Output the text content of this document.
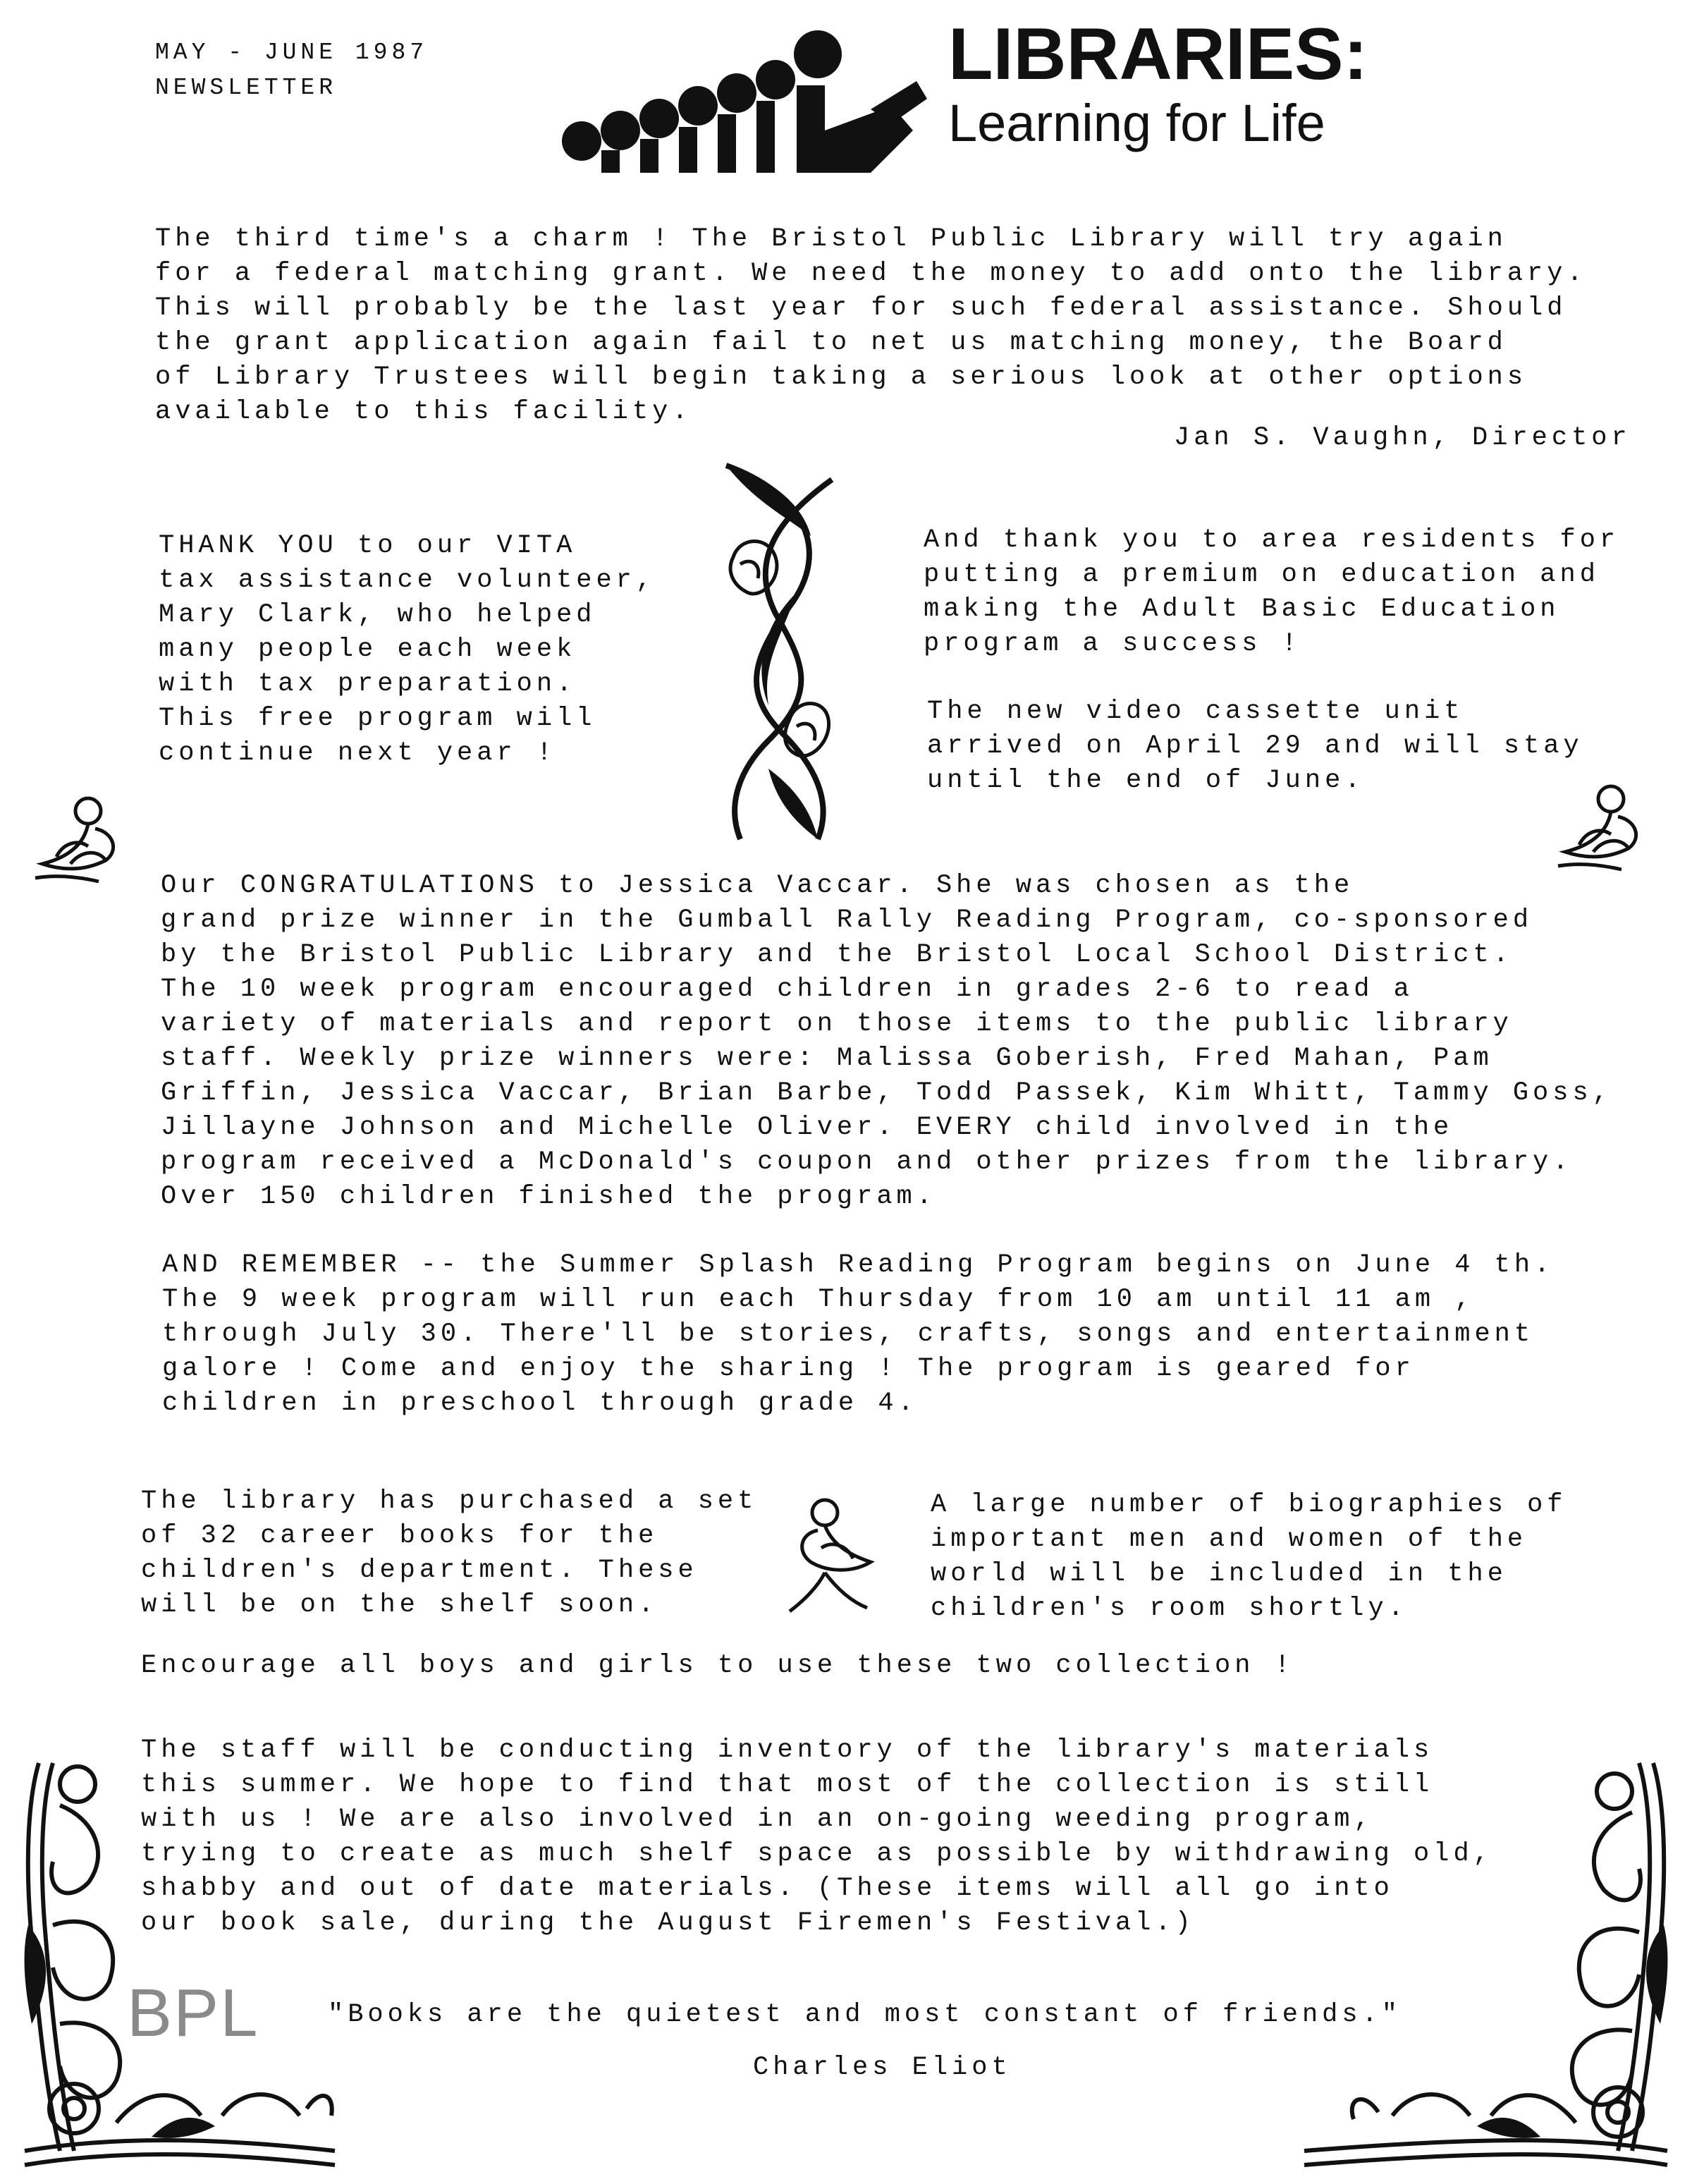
MAY - JUNE 1987
NEWSLETTER	LIBRARIES:
Learning for Life
The third time's a charm ! The Bristol Public Library will try again
for a federal matching grant. We need the money to add onto the library.
This will probably be the last year for such federal assistance. Should
the grant application again fail to net us matching money, the Board
of Library Trustees will begin taking a serious look at other options
available to this facility.
Jan S. Vaughn, Director
THANK YOU to our VITA
tax assistance volunteer,
Mary Clark, who helped
many people each week
with tax preparation.
This free program will
continue next year !
And thank you to area residents for
putting a premium on education and
making the Adult Basic Education
program a success !
The new video cassette unit
arrived on April 29 and will stay
until the end of June.
Our CONGRATULATIONS to Jessica Vaccar. She was chosen as the
grand prize winner in the Gumball Rally Reading Program, co-sponsored
by the Bristol Public Library and the Bristol Local School District.
The 10 week program encouraged children in grades 2-6 to read a
variety of materials and report on those items to the public library
staff. Weekly prize winners were: Malissa Goberish, Fred Mahan, Pam
Griffin, Jessica Vaccar, Brian Barbe, Todd Passek, Kim Whitt, Tammy Goss,
Jillayne Johnson and Michelle Oliver. EVERY child involved in the
program received a McDonald's coupon and other prizes from the library.
Over 150 children finished the program.
AND REMEMBER -- the Summer Splash Reading Program begins on June 4 th.
The 9 week program will run each Thursday from 10 am until 11 am ,
through July 30. There'll be stories, crafts, songs and entertainment
galore ! Come and enjoy the sharing ! The program is geared for
children in preschool through grade 4.
The library has purchased a set
of 32 career books for the
children's department. These
will be on the shelf soon.
A large number of biographies of
important men and women of the
world will be included in the
children's room shortly.
Encourage all boys and girls to use these two collection !
The staff will be conducting inventory of the library's materials
this summer. We hope to find that most of the collection is still
with us ! We are also involved in an on-going weeding program,
trying to create as much shelf space as possible by withdrawing old,
shabby and out of date materials. (These items will all go into
our book sale, during the August Firemen's Festival.)
"Books are the quietest and most constant of friends."
Charles Eliot
BPL
